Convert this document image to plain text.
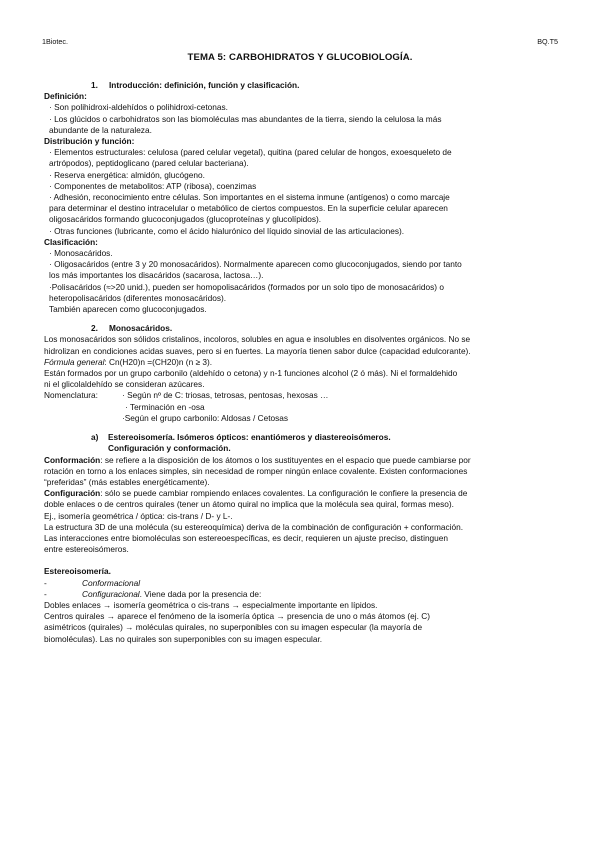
1Biotec.	BQ.T5
TEMA 5: CARBOHIDRATOS Y GLUCOBIOLOGÍA.

1. Introducción: definición, función y clasificación.

Definición:

· Son polihidroxi-aldehídos o polihidroxi-cetonas.

· Los glúcidos o carbohidratos son las biomoléculas mas abundantes de la tierra, siendo la celulosa la más

abundante de la naturaleza.

Distribución y función:

· Elementos estructurales: celulosa (pared celular vegetal), quitina (pared celular de hongos, exoesqueleto de

artrópodos), peptidoglicano (pared celular bacteriana).

· Reserva energética: almidón, glucógeno.

· Componentes de metabolitos: ATP (ribosa), coenzimas

· Adhesión, reconocimiento entre células. Son importantes en el sistema inmune (antígenos) o como marcaje

para determinar el destino intracelular o metabólico de ciertos compuestos. En la superficie celular aparecen

oligosacáridos formando glucoconjugados (glucoproteínas y glucolípidos).

· Otras funciones (lubricante, como el ácido hialurónico del líquido sinovial de las articulaciones).

Clasificación:

· Monosacáridos.

· Oligosacáridos (entre 3 y 20 monosacáridos). Normalmente aparecen como glucoconjugados, siendo por tanto

los más importantes los disacáridos (sacarosa, lactosa…).

·Polisacáridos (≈>20 unid.), pueden ser homopolisacáridos (formados por un solo tipo de monosacáridos) o

heteropolisacáridos (diferentes monosacáridos).

También aparecen como glucoconjugados.

2. Monosacáridos.

Los monosacáridos son sólidos cristalinos, incoloros, solubles en agua e insolubles en disolventes orgánicos. No se

hidrolizan en condiciones acidas suaves, pero si en fuertes. La mayoría tienen sabor dulce (capacidad edulcorante).

Fórmula general: Cn(H20)n =(CH20)n (n ≥ 3).

Están formados por un grupo carbonilo (aldehído o cetona) y n-1 funciones alcohol (2 ó más). Ni el formaldehido

ni el glicolaldehído se consideran azúcares.

Nomenclatura:	· Según nº de C: triosas, tetrosas, pentosas, hexosas …

· Terminación en -osa

·Según el grupo carbonilo: Aldosas / Cetosas

a) Estereoisomería. Isómeros ópticos: enantiómeros y diastereoisómeros.

Configuración y conformación.

Conformación: se refiere a la disposición de los átomos o los sustituyentes en el espacio que puede cambiarse por

rotación en torno a los enlaces simples, sin necesidad de romper ningún enlace covalente. Existen conformaciones

“preferidas” (más estables energéticamente).

Configuración: sólo se puede cambiar rompiendo enlaces covalentes. La configuración le confiere la presencia de

doble enlaces o de centros quirales (tener un átomo quiral no implica que la molécula sea quiral, formas meso).

Ej., isomería geométrica / óptica: cis-trans / D- y L-.

La estructura 3D de una molécula (su estereoquímica) deriva de la combinación de configuración + conformación.

Las interacciones entre biomoléculas son estereoespecíficas, es decir, requieren un ajuste preciso, distinguen

entre estereoisómeros.

Estereoisomería.

-	Conformacional
-	Configuracional. Viene dada por la presencia de:

Dobles enlaces → isomería geométrica o cis-trans → especialmente importante en lípidos.

Centros quirales → aparece el fenómeno de la isomería óptica → presencia de uno o más átomos (ej. C)

asimétricos (quirales) → moléculas quirales, no superponibles con su imagen especular (la mayoría de

biomoléculas). Las no quirales son superponibles con su imagen especular.
